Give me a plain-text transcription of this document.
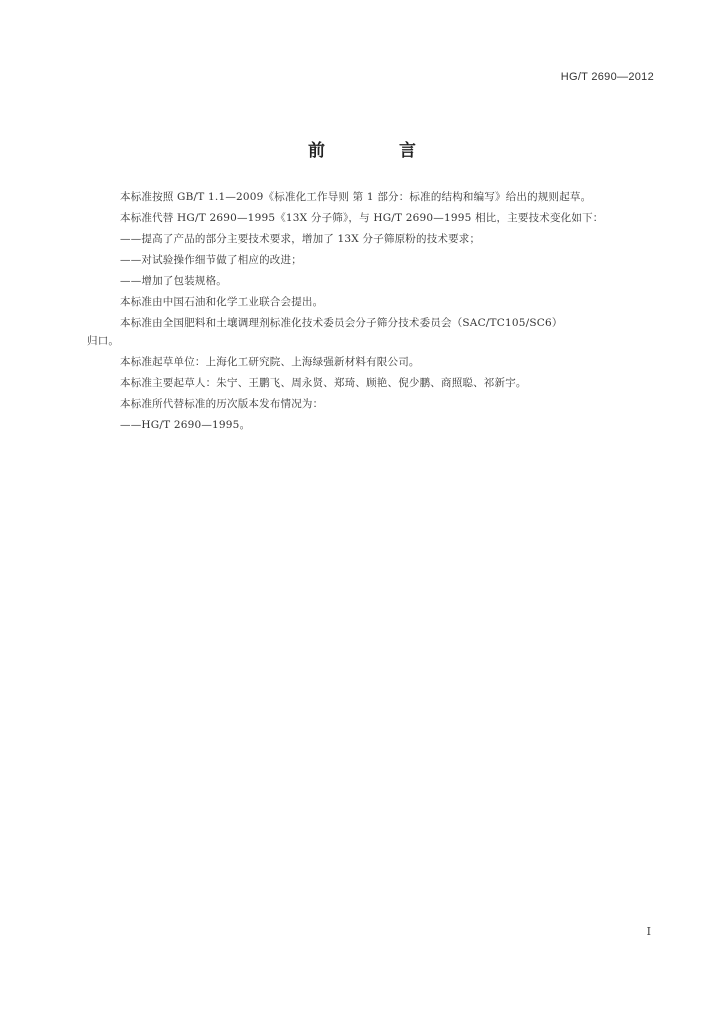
HG/T 2690—2012
前 言
本标准按照 GB/T 1.1—2009《标准化工作导则 第 1 部分：标准的结构和编写》给出的规则起草。
本标准代替 HG/T 2690—1995《13X 分子筛》，与 HG/T 2690—1995 相比，主要技术变化如下：
——提高了产品的部分主要技术要求，增加了 13X 分子筛原粉的技术要求；
——对试验操作细节做了相应的改进；
——增加了包装规格。
本标准由中国石油和化学工业联合会提出。
本标准由全国肥料和土壤调理剂标准化技术委员会分子筛分技术委员会（SAC/TC105/SC6）
归口。
本标准起草单位：上海化工研究院、上海绿强新材料有限公司。
本标准主要起草人：朱宁、王鹏飞、周永贤、郑琦、顾艳、倪少鹏、商照聪、祁新宇。
本标准所代替标准的历次版本发布情况为：
——HG/T 2690—1995。
I
